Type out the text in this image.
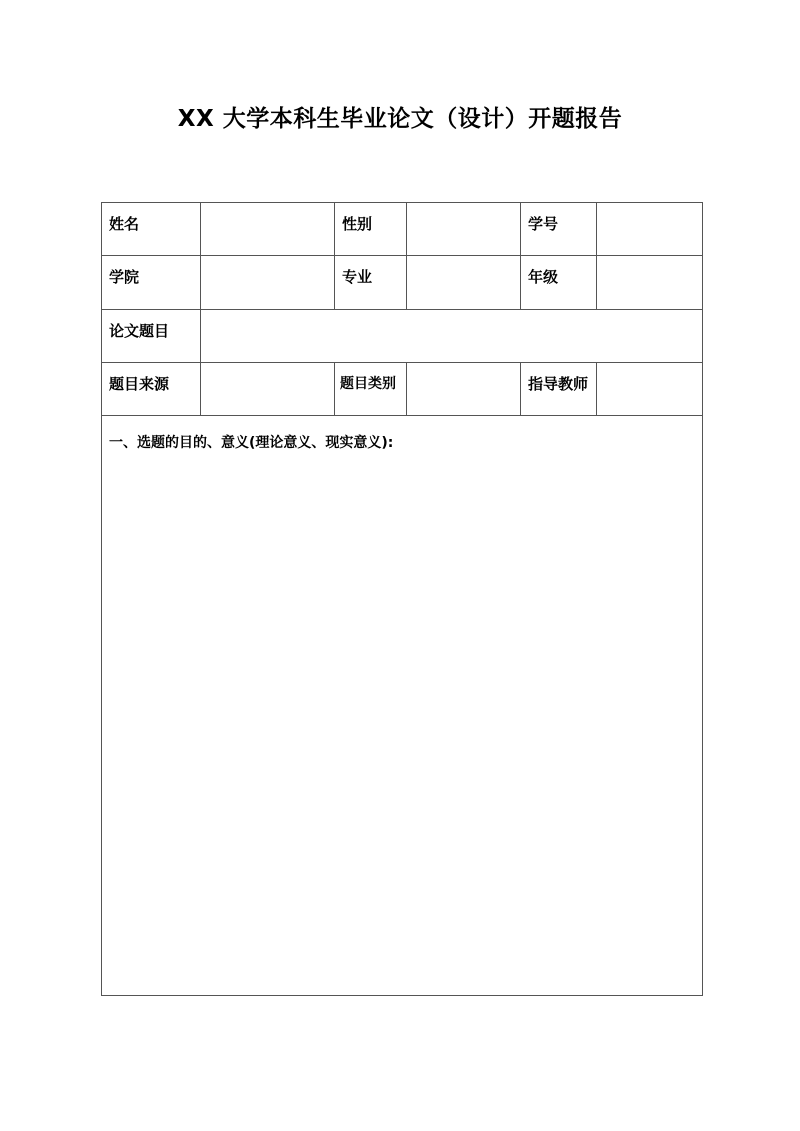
XX 大学本科生毕业论文（设计）开题报告
姓名		性别		学号	

学院		专业		年级	

论文题目					

题目来源		题目类别		指导教师	

一、选题的目的、意义(理论意义、现实意义):					
